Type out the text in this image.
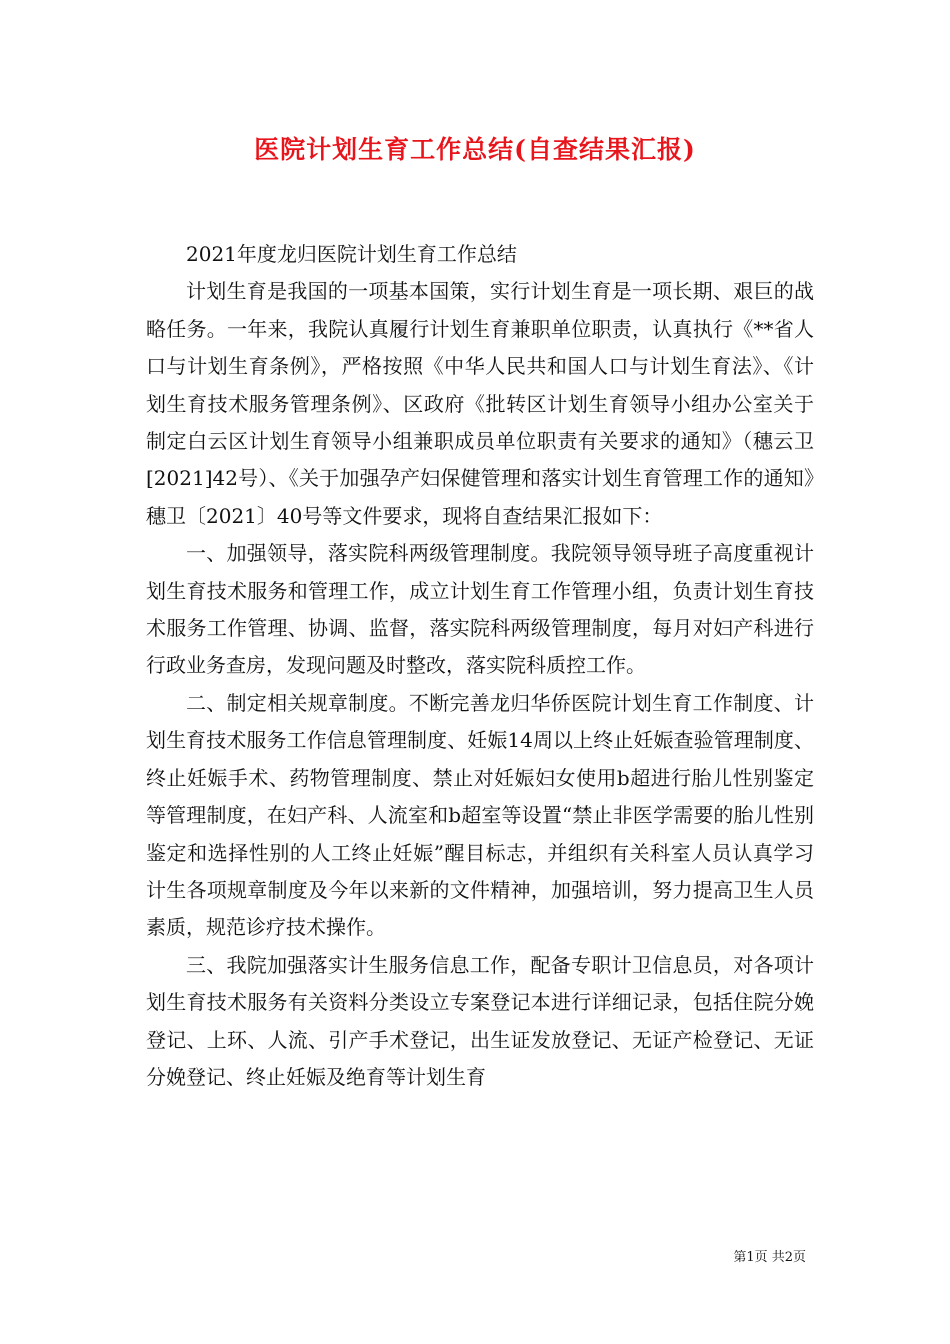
医院计划生育工作总结(自查结果汇报)

2021年度龙归医院计划生育工作总结

计划生育是我国的一项基本国策，实行计划生育是一项长期、艰巨的战略任务。一年来，我院认真履行计划生育兼职单位职责，认真执行《**省人口与计划生育条例》，严格按照《中华人民共和国人口与计划生育法》、《计划生育技术服务管理条例》、区政府《批转区计划生育领导小组办公室关于制定白云区计划生育领导小组兼职成员单位职责有关要求的通知》（穗云卫[2021]42号）、《关于加强孕产妇保健管理和落实计划生育管理工作的通知》穗卫〔2021〕40号等文件要求，现将自查结果汇报如下：

一、加强领导，落实院科两级管理制度。我院领导领导班子高度重视计划生育技术服务和管理工作，成立计划生育工作管理小组，负责计划生育技术服务工作管理、协调、监督，落实院科两级管理制度，每月对妇产科进行行政业务查房，发现问题及时整改，落实院科质控工作。

二、制定相关规章制度。不断完善龙归华侨医院计划生育工作制度、计划生育技术服务工作信息管理制度、妊娠14周以上终止妊娠查验管理制度、终止妊娠手术、药物管理制度、禁止对妊娠妇女使用b超进行胎儿性别鉴定等管理制度，在妇产科、人流室和b超室等设置“禁止非医学需要的胎儿性别鉴定和选择性别的人工终止妊娠”醒目标志，并组织有关科室人员认真学习计生各项规章制度及今年以来新的文件精神，加强培训，努力提高卫生人员素质，规范诊疗技术操作。

三、我院加强落实计生服务信息工作，配备专职计卫信息员，对各项计划生育技术服务有关资料分类设立专案登记本进行详细记录，包括住院分娩登记、上环、人流、引产手术登记，出生证发放登记、无证产检登记、无证分娩登记、终止妊娠及绝育等计划生育

第1页 共2页
